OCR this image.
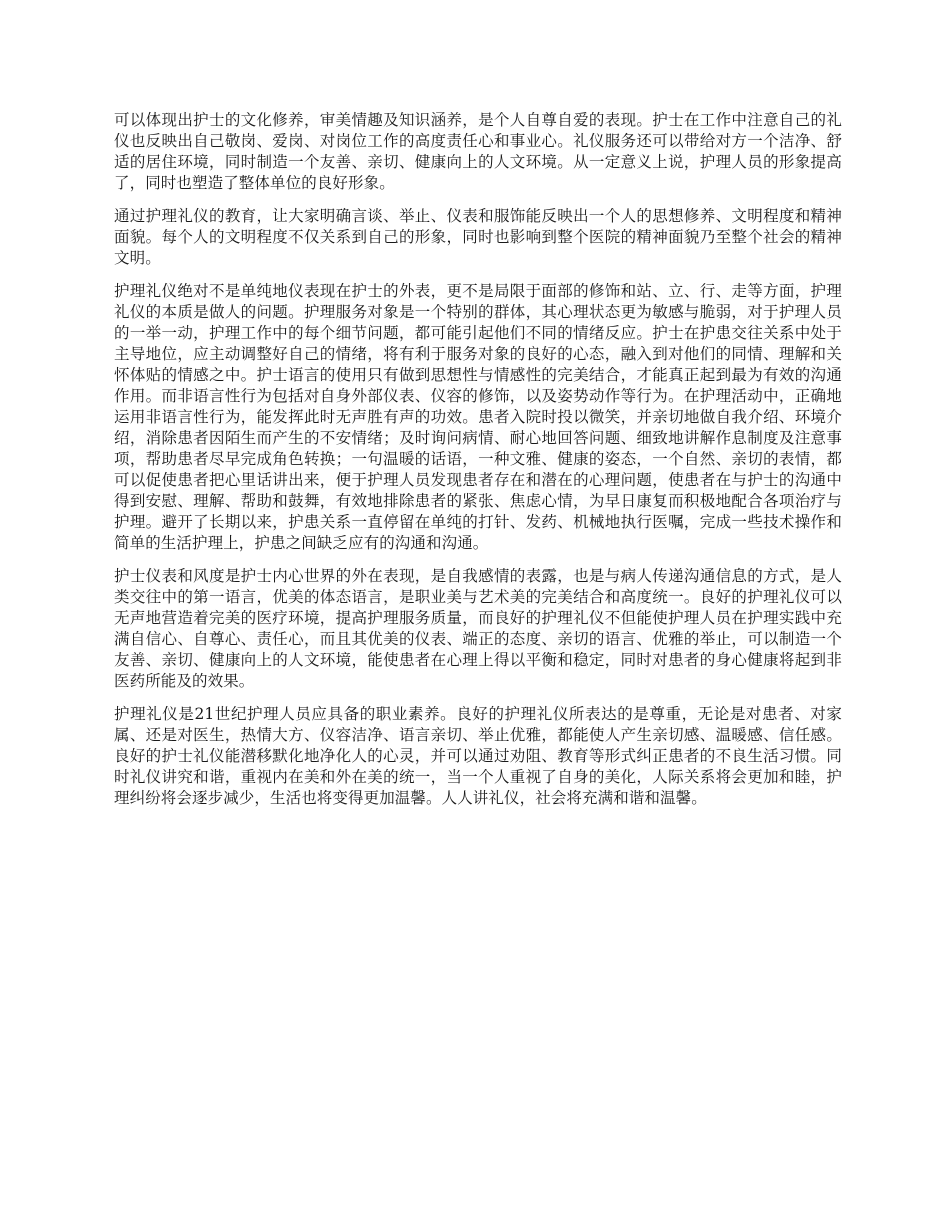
可以体现出护士的文化修养，审美情趣及知识涵养，是个人自尊自爱的表现。护士在工作中注意自己的礼仪也反映出自己敬岗、爱岗、对岗位工作的高度责任心和事业心。礼仪服务还可以带给对方一个洁净、舒适的居住环境，同时制造一个友善、亲切、健康向上的人文环境。从一定意义上说，护理人员的形象提高了，同时也塑造了整体单位的良好形象。

通过护理礼仪的教育，让大家明确言谈、举止、仪表和服饰能反映出一个人的思想修养、文明程度和精神面貌。每个人的文明程度不仅关系到自己的形象，同时也影响到整个医院的精神面貌乃至整个社会的精神文明。

护理礼仪绝对不是单纯地仪表现在护士的外表，更不是局限于面部的修饰和站、立、行、走等方面，护理礼仪的本质是做人的问题。护理服务对象是一个特别的群体，其心理状态更为敏感与脆弱，对于护理人员的一举一动，护理工作中的每个细节问题，都可能引起他们不同的情绪反应。护士在护患交往关系中处于主导地位，应主动调整好自己的情绪，将有利于服务对象的良好的心态，融入到对他们的同情、理解和关怀体贴的情感之中。护士语言的使用只有做到思想性与情感性的完美结合，才能真正起到最为有效的沟通作用。而非语言性行为包括对自身外部仪表、仪容的修饰，以及姿势动作等行为。在护理活动中，正确地运用非语言性行为，能发挥此时无声胜有声的功效。患者入院时投以微笑，并亲切地做自我介绍、环境介绍，消除患者因陌生而产生的不安情绪；及时询问病情、耐心地回答问题、细致地讲解作息制度及注意事项，帮助患者尽早完成角色转换；一句温暖的话语，一种文雅、健康的姿态，一个自然、亲切的表情，都可以促使患者把心里话讲出来，便于护理人员发现患者存在和潜在的心理问题，使患者在与护士的沟通中得到安慰、理解、帮助和鼓舞，有效地排除患者的紧张、焦虑心情，为早日康复而积极地配合各项治疗与护理。避开了长期以来，护患关系一直停留在单纯的打针、发药、机械地执行医嘱，完成一些技术操作和简单的生活护理上，护患之间缺乏应有的沟通和沟通。

护士仪表和风度是护士内心世界的外在表现，是自我感情的表露，也是与病人传递沟通信息的方式，是人类交往中的第一语言，优美的体态语言，是职业美与艺术美的完美结合和高度统一。良好的护理礼仪可以无声地营造着完美的医疗环境，提高护理服务质量，而良好的护理礼仪不但能使护理人员在护理实践中充满自信心、自尊心、责任心，而且其优美的仪表、端正的态度、亲切的语言、优雅的举止，可以制造一个友善、亲切、健康向上的人文环境，能使患者在心理上得以平衡和稳定，同时对患者的身心健康将起到非医药所能及的效果。

护理礼仪是21世纪护理人员应具备的职业素养。良好的护理礼仪所表达的是尊重，无论是对患者、对家属、还是对医生，热情大方、仪容洁净、语言亲切、举止优雅，都能使人产生亲切感、温暖感、信任感。良好的护士礼仪能潜移默化地净化人的心灵，并可以通过劝阻、教育等形式纠正患者的不良生活习惯。同时礼仪讲究和谐，重视内在美和外在美的统一，当一个人重视了自身的美化，人际关系将会更加和睦，护理纠纷将会逐步减少，生活也将变得更加温馨。人人讲礼仪，社会将充满和谐和温馨。
